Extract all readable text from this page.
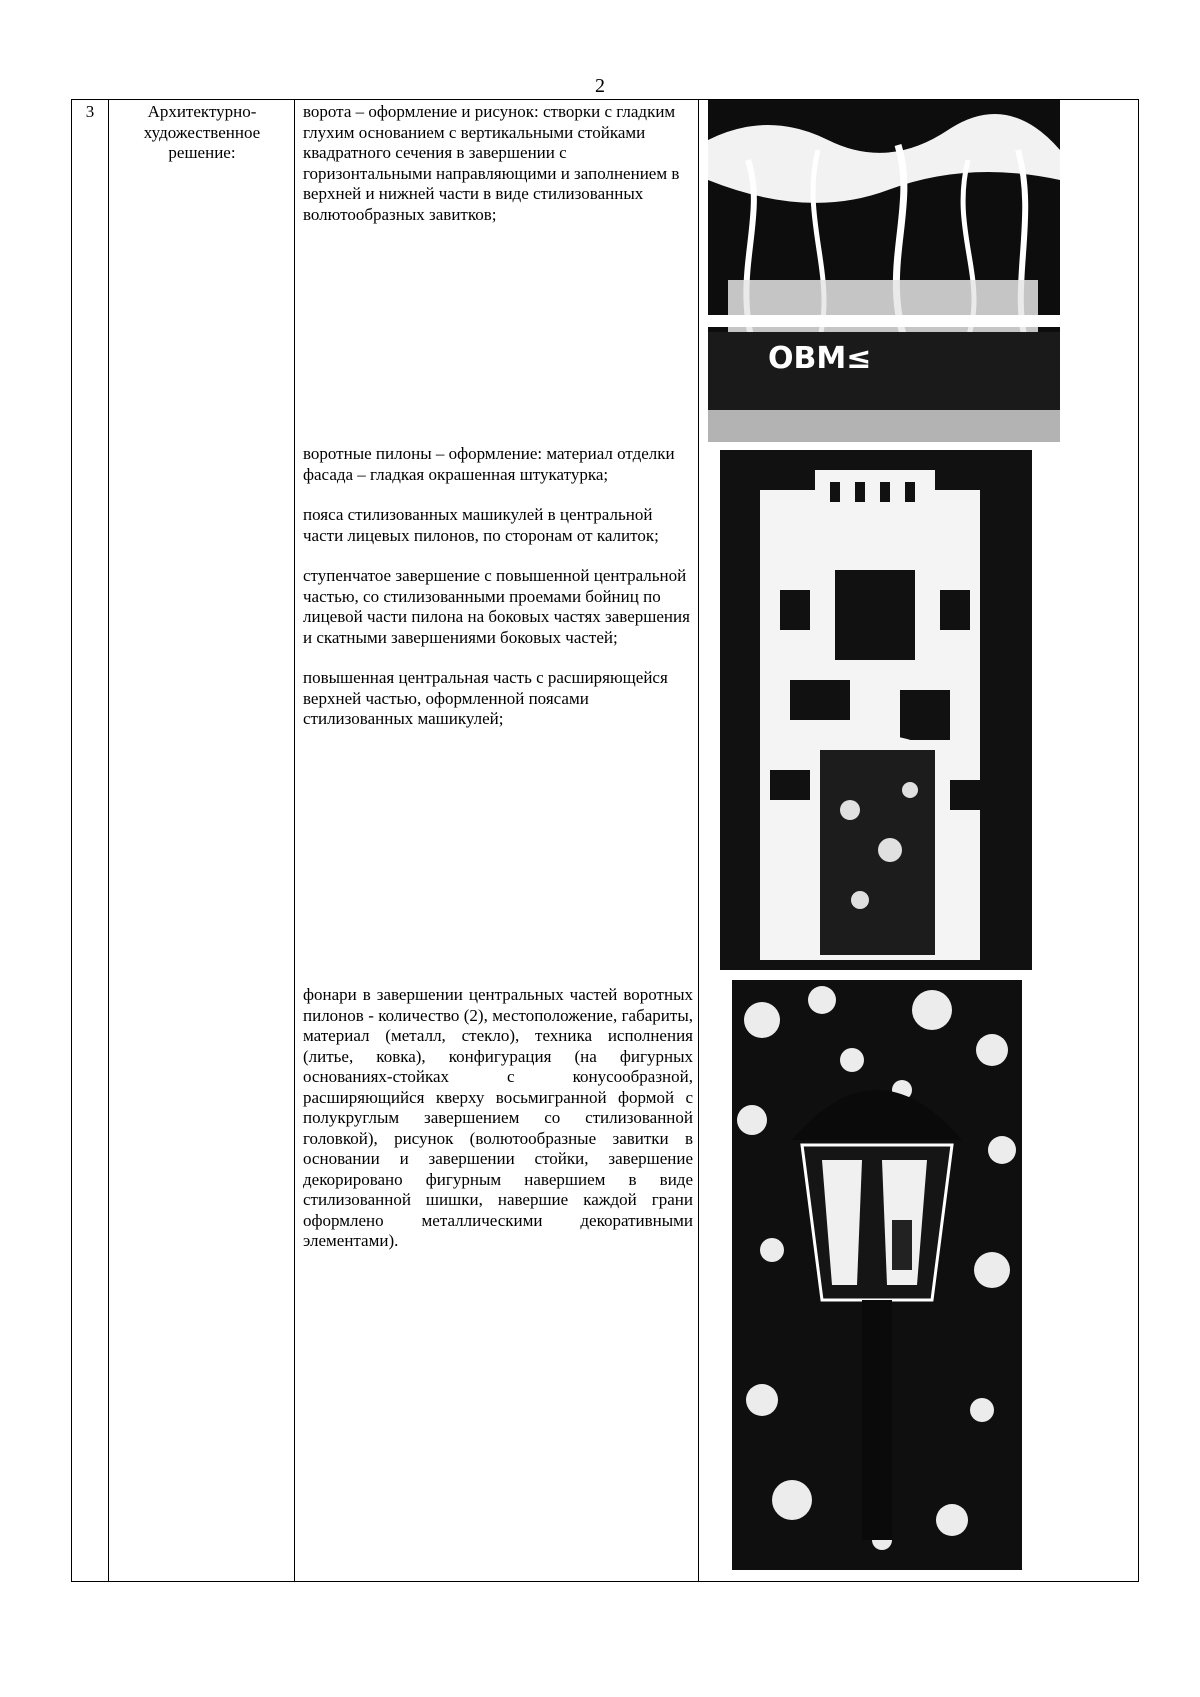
2
3	Архитектурно-
художественное
решение:

ворота – оформление и рисунок: створки с гладким глухим основанием с вертикальными стойками квадратного сечения в завершении с горизонтальными направляющими и заполнением в верхней и нижней части в виде стилизованных волютообразных завитков;

воротные пилоны – оформление: материал отделки фасада – гладкая окрашенная штукатурка;

пояса стилизованных машикулей в центральной части лицевых пилонов, по сторонам от калиток;

ступенчатое завершение с повышенной центральной частью, со стилизованными проемами бойниц по лицевой части пилона на боковых частях завершения и скатными завершениями боковых частей;

повышенная центральная часть с расширяющейся верхней частью, оформленной поясами стилизованных машикулей;

фонари в завершении центральных частей воротных пилонов - количество (2), местоположение, габариты, материал (металл, стекло), техника исполнения (литье, ковка), конфигурация (на фигурных основаниях-стойках с конусообразной, расширяющийся кверху восьмигранной формой с полукруглым завершением со стилизованной головкой), рисунок (волютообразные завитки в основании и завершении стойки, завершение декорировано фигурным навершием в виде стилизованной шишки, навершие каждой грани оформлено металлическими декоративными элементами).

OBM≤
